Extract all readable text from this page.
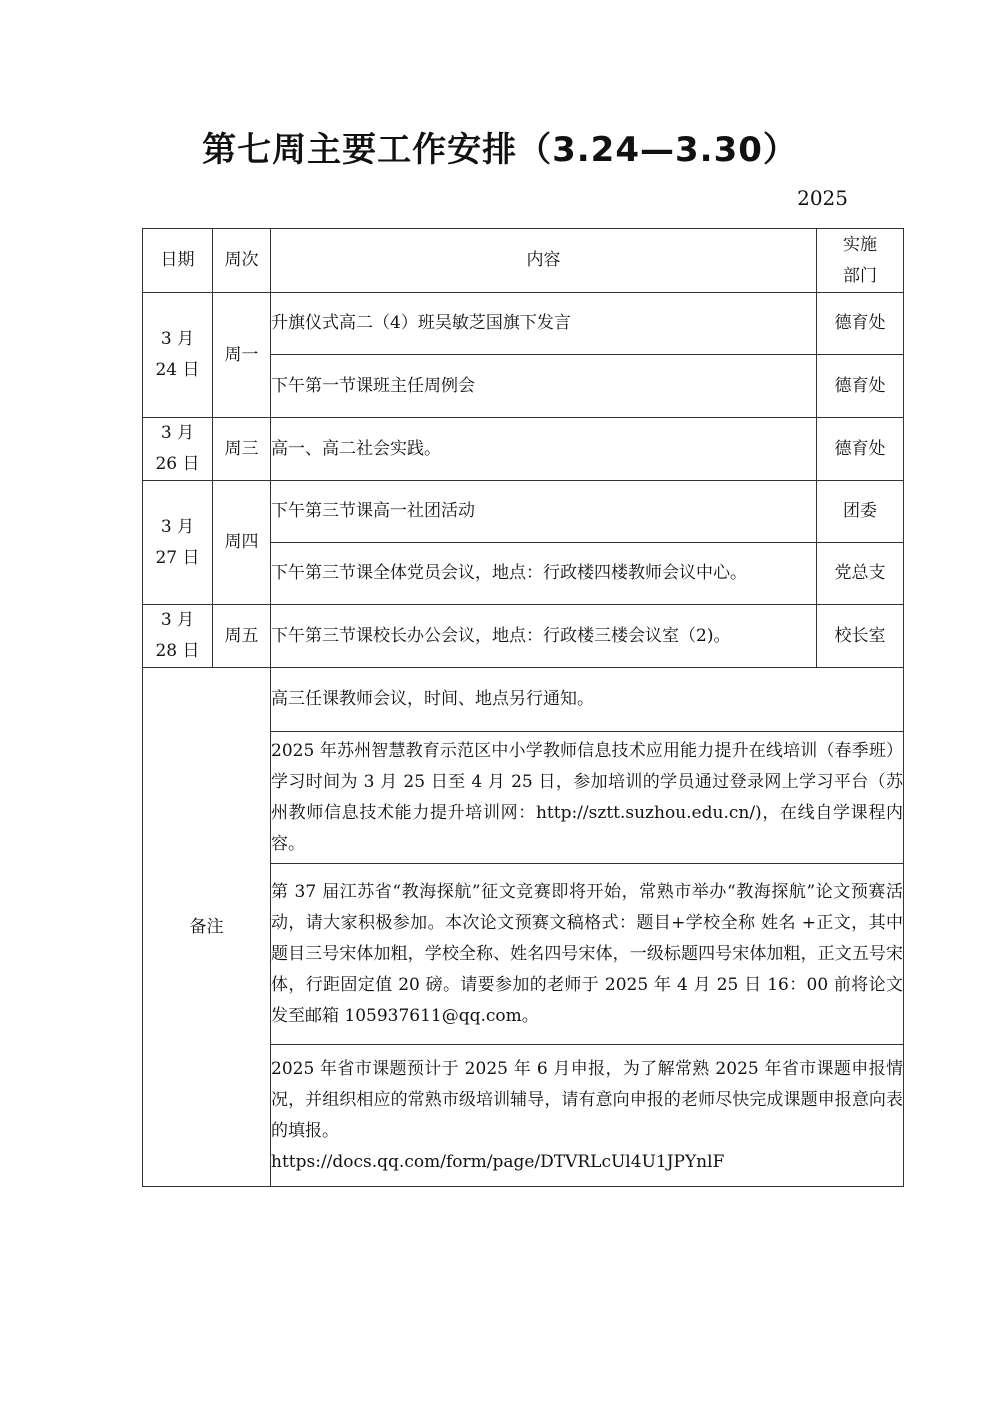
第七周主要工作安排（3.24—3.30）
2025
日期	周次	内容	实施
部门

3 月
24 日	周一	升旗仪式高二（4）班吴敏芝国旗下发言	德育处
		下午第一节课班主任周例会	德育处

3 月
26 日	周三	高一、高二社会实践。	德育处

3 月
27 日	周四	下午第三节课高一社团活动	团委
		下午第三节课全体党员会议，地点：行政楼四楼教师会议中心。	党总支

3 月
28 日	周五	下午第三节课校长办公会议，地点：行政楼三楼会议室（2)。	校长室
备注		高三任课教师会议，时间、地点另行通知。	
		2025 年苏州智慧教育示范区中小学教师信息技术应用能力提升在线培训（春季班）学习时间为 3 月 25 日至 4 月 25 日，参加培训的学员通过登录网上学习平台（苏州教师信息技术能力提升培训网：http://sztt.suzhou.edu.cn/)，在线自学课程内容。	
		第 37 届江苏省“教海探航”征文竞赛即将开始，常熟市举办“教海探航”论文预赛活动，请大家积极参加。本次论文预赛文稿格式：题目+学校全称 姓名 +正文，其中题目三号宋体加粗，学校全称、姓名四号宋体，一级标题四号宋体加粗，正文五号宋体，行距固定值 20 磅。请要参加的老师于 2025 年 4 月 25 日 16：00 前将论文发至邮箱 105937611@qq.com。	

		2025 年省市课题预计于 2025 年 6 月申报，为了解常熟 2025 年省市课题申报情况，并组织相应的常熟市级培训辅导，请有意向申报的老师尽快完成课题申报意向表的填报。
https://docs.qq.com/form/page/DTVRLcUl4U1JPYnlF	
